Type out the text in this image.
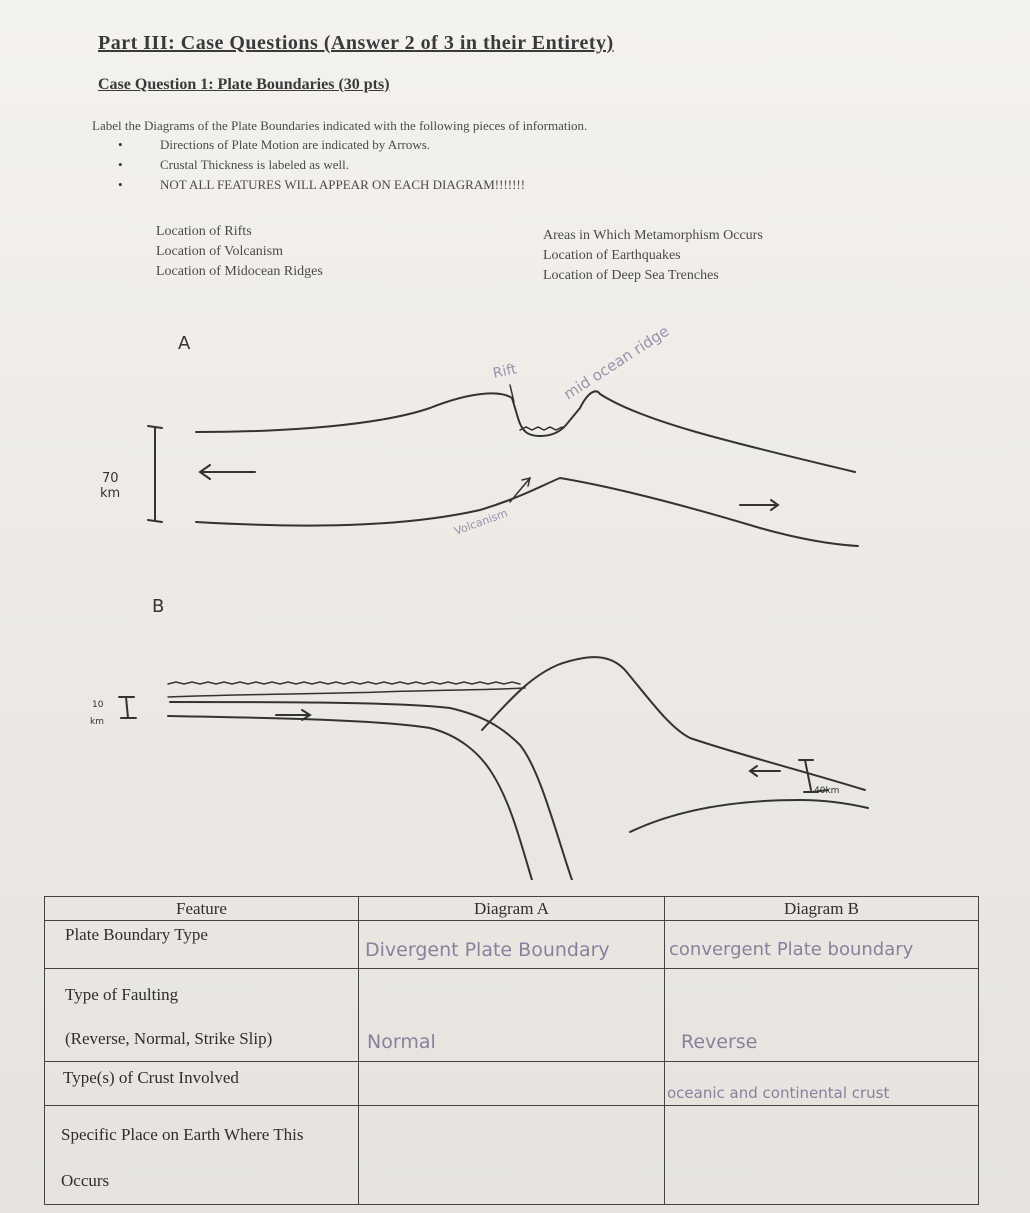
Part III: Case Questions (Answer 2 of 3 in their Entirety)
Case Question 1: Plate Boundaries (30 pts)
Label the Diagrams of the Plate Boundaries indicated with the following pieces of information.
•	Directions of Plate Motion are indicated by Arrows.
•	Crustal Thickness is labeled as well.
•	NOT ALL FEATURES WILL APPEAR ON EACH DIAGRAM!!!!!!!
Location of Rifts
Location of Volcanism
Location of Midocean Ridges
Areas in Which Metamorphism Occurs
Location of Earthquakes
Location of Deep Sea Trenches
A
B
70
km
10
km
40km
Rift	mid ocean ridge
Volcanism
Feature	Diagram A	Diagram B
Plate Boundary Type	Divergent Plate Boundary	convergent Plate boundary

Type of Faulting
(Reverse, Normal, Strike Slip)	Normal	Reverse

Type(s) of Crust Involved		oceanic and continental crust

Specific Place on Earth Where This
Occurs		
